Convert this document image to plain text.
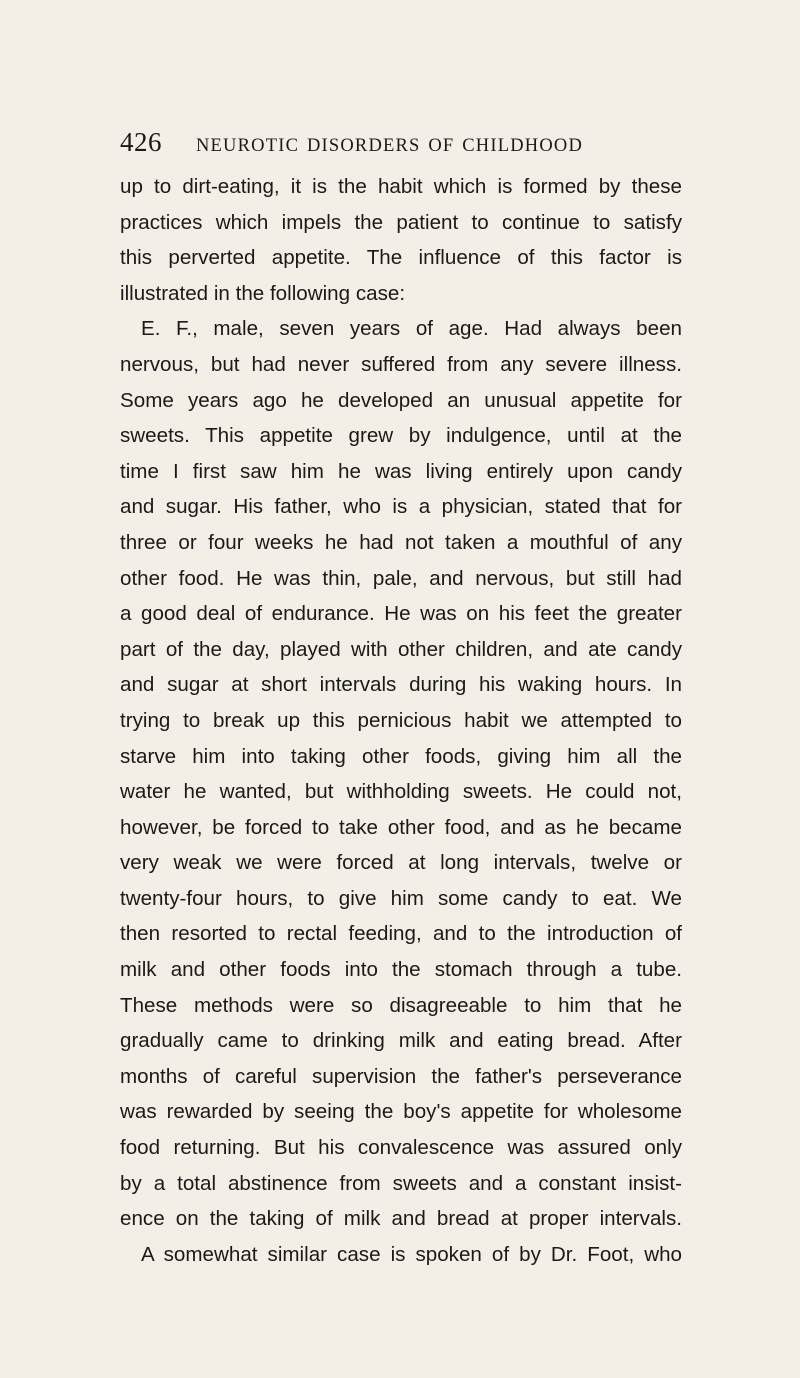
426	NEUROTIC DISORDERS OF CHILDHOOD
up to dirt-eating, it is the habit which is formed by these
practices which impels the patient to continue to satisfy
this perverted appetite. The influence of this factor is
illustrated in the following case:
E. F., male, seven years of age. Had always been
nervous, but had never suffered from any severe illness.
Some years ago he developed an unusual appetite for
sweets. This appetite grew by indulgence, until at the
time I first saw him he was living entirely upon candy
and sugar. His father, who is a physician, stated that for
three or four weeks he had not taken a mouthful of any
other food. He was thin, pale, and nervous, but still had
a good deal of endurance. He was on his feet the greater
part of the day, played with other children, and ate candy
and sugar at short intervals during his waking hours. In
trying to break up this pernicious habit we attempted to
starve him into taking other foods, giving him all the
water he wanted, but withholding sweets. He could not,
however, be forced to take other food, and as he became
very weak we were forced at long intervals, twelve or
twenty-four hours, to give him some candy to eat. We
then resorted to rectal feeding, and to the introduction of
milk and other foods into the stomach through a tube.
These methods were so disagreeable to him that he
gradually came to drinking milk and eating bread. After
months of careful supervision the father's perseverance
was rewarded by seeing the boy's appetite for wholesome
food returning. But his convalescence was assured only
by a total abstinence from sweets and a constant insist-
ence on the taking of milk and bread at proper intervals.
A somewhat similar case is spoken of by Dr. Foot, who
